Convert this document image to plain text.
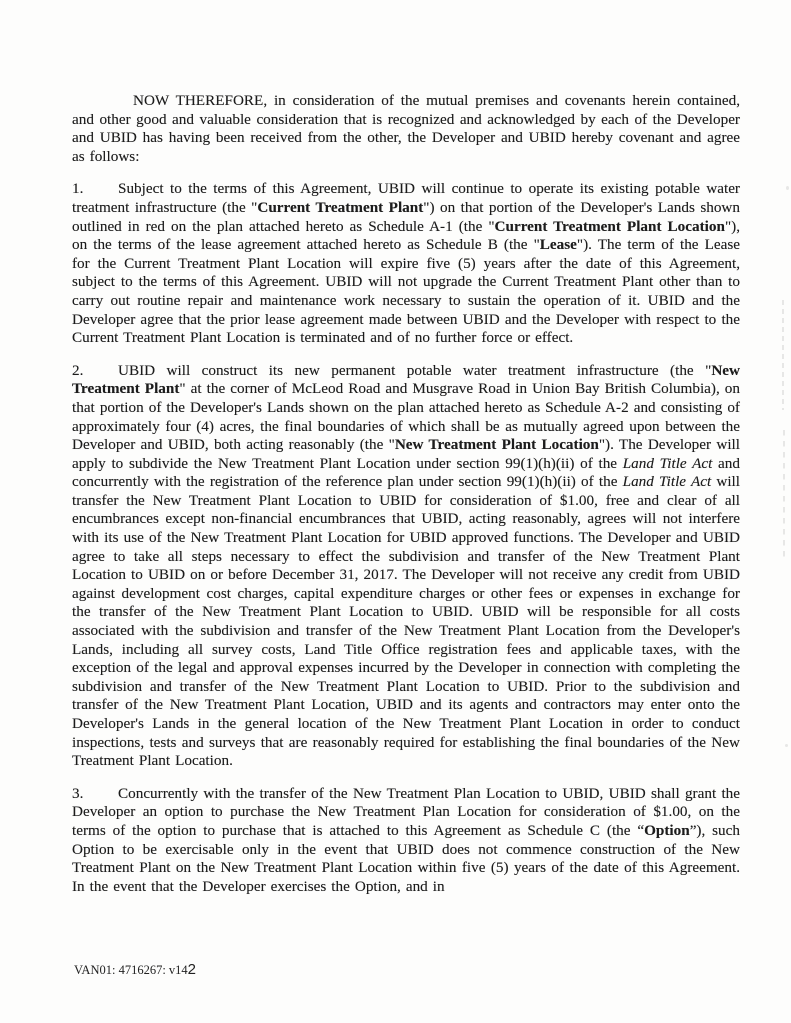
NOW THEREFORE, in consideration of the mutual premises and covenants herein contained, and other good and valuable consideration that is recognized and acknowledged by each of the Developer and UBID has having been received from the other, the Developer and UBID hereby covenant and agree as follows:

1. Subject to the terms of this Agreement, UBID will continue to operate its existing potable water treatment infrastructure (the "Current Treatment Plant") on that portion of the Developer's Lands shown outlined in red on the plan attached hereto as Schedule A-1 (the "Current Treatment Plant Location"), on the terms of the lease agreement attached hereto as Schedule B (the "Lease"). The term of the Lease for the Current Treatment Plant Location will expire five (5) years after the date of this Agreement, subject to the terms of this Agreement. UBID will not upgrade the Current Treatment Plant other than to carry out routine repair and maintenance work necessary to sustain the operation of it. UBID and the Developer agree that the prior lease agreement made between UBID and the Developer with respect to the Current Treatment Plant Location is terminated and of no further force or effect.

2. UBID will construct its new permanent potable water treatment infrastructure (the "New Treatment Plant" at the corner of McLeod Road and Musgrave Road in Union Bay British Columbia), on that portion of the Developer's Lands shown on the plan attached hereto as Schedule A-2 and consisting of approximately four (4) acres, the final boundaries of which shall be as mutually agreed upon between the Developer and UBID, both acting reasonably (the "New Treatment Plant Location"). The Developer will apply to subdivide the New Treatment Plant Location under section 99(1)(h)(ii) of the Land Title Act and concurrently with the registration of the reference plan under section 99(1)(h)(ii) of the Land Title Act will transfer the New Treatment Plant Location to UBID for consideration of $1.00, free and clear of all encumbrances except non-financial encumbrances that UBID, acting reasonably, agrees will not interfere with its use of the New Treatment Plant Location for UBID approved functions. The Developer and UBID agree to take all steps necessary to effect the subdivision and transfer of the New Treatment Plant Location to UBID on or before December 31, 2017. The Developer will not receive any credit from UBID against development cost charges, capital expenditure charges or other fees or expenses in exchange for the transfer of the New Treatment Plant Location to UBID. UBID will be responsible for all costs associated with the subdivision and transfer of the New Treatment Plant Location from the Developer's Lands, including all survey costs, Land Title Office registration fees and applicable taxes, with the exception of the legal and approval expenses incurred by the Developer in connection with completing the subdivision and transfer of the New Treatment Plant Location to UBID. Prior to the subdivision and transfer of the New Treatment Plant Location, UBID and its agents and contractors may enter onto the Developer's Lands in the general location of the New Treatment Plant Location in order to conduct inspections, tests and surveys that are reasonably required for establishing the final boundaries of the New Treatment Plant Location.

3. Concurrently with the transfer of the New Treatment Plan Location to UBID, UBID shall grant the Developer an option to purchase the New Treatment Plan Location for consideration of $1.00, on the terms of the option to purchase that is attached to this Agreement as Schedule C (the “Option”), such Option to be exercisable only in the event that UBID does not commence construction of the New Treatment Plant on the New Treatment Plant Location within five (5) years of the date of this Agreement. In the event that the Developer exercises the Option, and in

VAN01: 4716267: v142
